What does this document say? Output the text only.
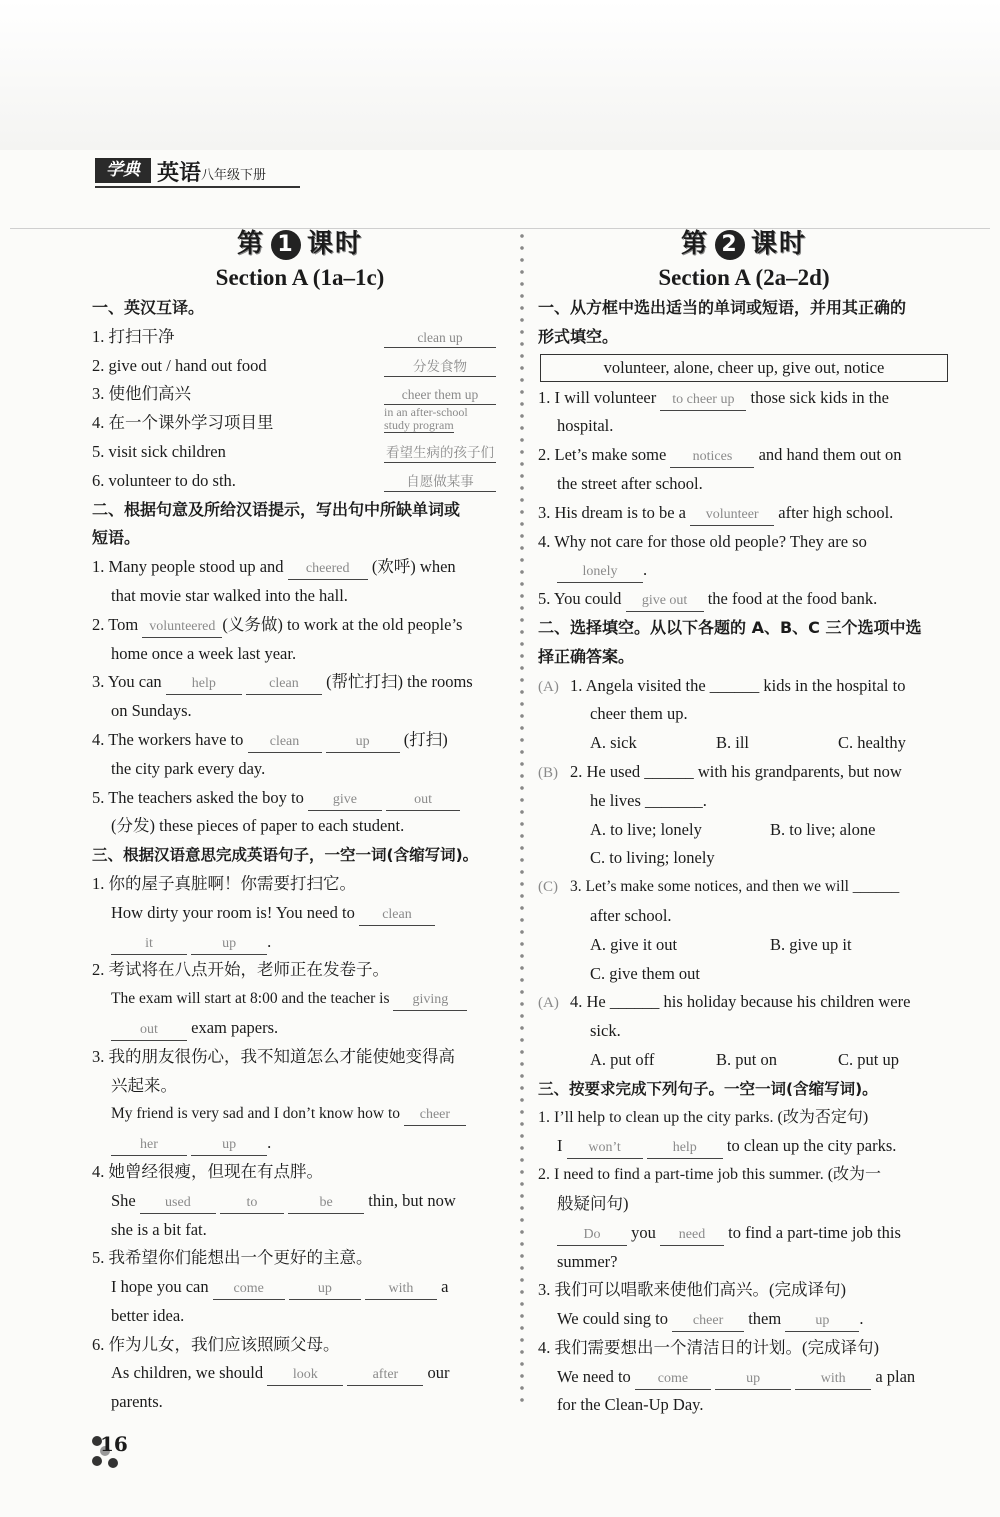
学典 英语 八年级下册
第 1 课时
Section A (1a–1c)
一、英汉互译。
1. 打扫干净	clean up
2. give out / hand out food	分发食物
3. 使他们高兴	cheer them up
4. 在一个课外学习项目里
in an after-school
study program
5. visit sick children	看望生病的孩子们
6. volunteer to do sth.	自愿做某事
二、根据句意及所给汉语提示，写出句中所缺单词或
短语。
1. Many people stood up and cheered (欢呼) when
that movie star walked into the hall.
2. Tom volunteered (义务做) to work at the old people’s
home once a week last year.
3. You can help	clean (帮忙打扫) the rooms
on Sundays.
4. The workers have to clean	up (打扫)
the city park every day.
5. The teachers asked the boy to give	out
(分发) these pieces of paper to each student.
三、根据汉语意思完成英语句子，一空一词(含缩写词)。
1. 你的屋子真脏啊！你需要打扫它。
How dirty your room is! You need to clean
it	up .
2. 考试将在八点开始，老师正在发卷子。
The exam will start at 8:00 and the teacher is giving
out exam papers.
3. 我的朋友很伤心，我不知道怎么才能使她变得高
兴起来。
My friend is very sad and I don’t know how to cheer
her	up .
4. 她曾经很瘦，但现在有点胖。
She used	to	be thin, but now
she is a bit fat.
5. 我希望你们能想出一个更好的主意。
I hope you can come	up	with a
better idea.
6. 作为儿女，我们应该照顾父母。
As children, we should look	after our
parents.
第 2 课时
Section A (2a–2d)
一、从方框中选出适当的单词或短语，并用其正确的
形式填空。
volunteer, alone, cheer up, give out, notice
1. I will volunteer to cheer up those sick kids in the
hospital.
2. Let’s make some notices and hand them out on
the street after school.
3. His dream is to be a volunteer after high school.
4. Why not care for those old people? They are so
lonely .
5. You could give out the food at the food bank.
二、选择填空。从以下各题的 A、B、C 三个选项中选
择正确答案。
(A) 1. Angela visited the ______ kids in the hospital to
cheer them up.
A. sick	B. ill	C. healthy
(B) 2. He used ______ with his grandparents, but now
he lives _______.
A. to live; lonely	B. to live; alone
C. to living; lonely
(C) 3. Let’s make some notices, and then we will ______
after school.
A. give it out	B. give up it
C. give them out
(A) 4. He ______ his holiday because his children were
sick.
A. put off	B. put on	C. put up
三、按要求完成下列句子。一空一词(含缩写词)。
1. I’ll help to clean up the city parks. (改为否定句)
I won’t	help to clean up the city parks.
2. I need to find a part-time job this summer. (改为一
般疑问句)
Do you need to find a part-time job this
summer?
3. 我们可以唱歌来使他们高兴。(完成译句)
We could sing to cheer them up .
4. 我们需要想出一个清洁日的计划。(完成译句)
We need to come	up	with a plan
for the Clean-Up Day.
16
